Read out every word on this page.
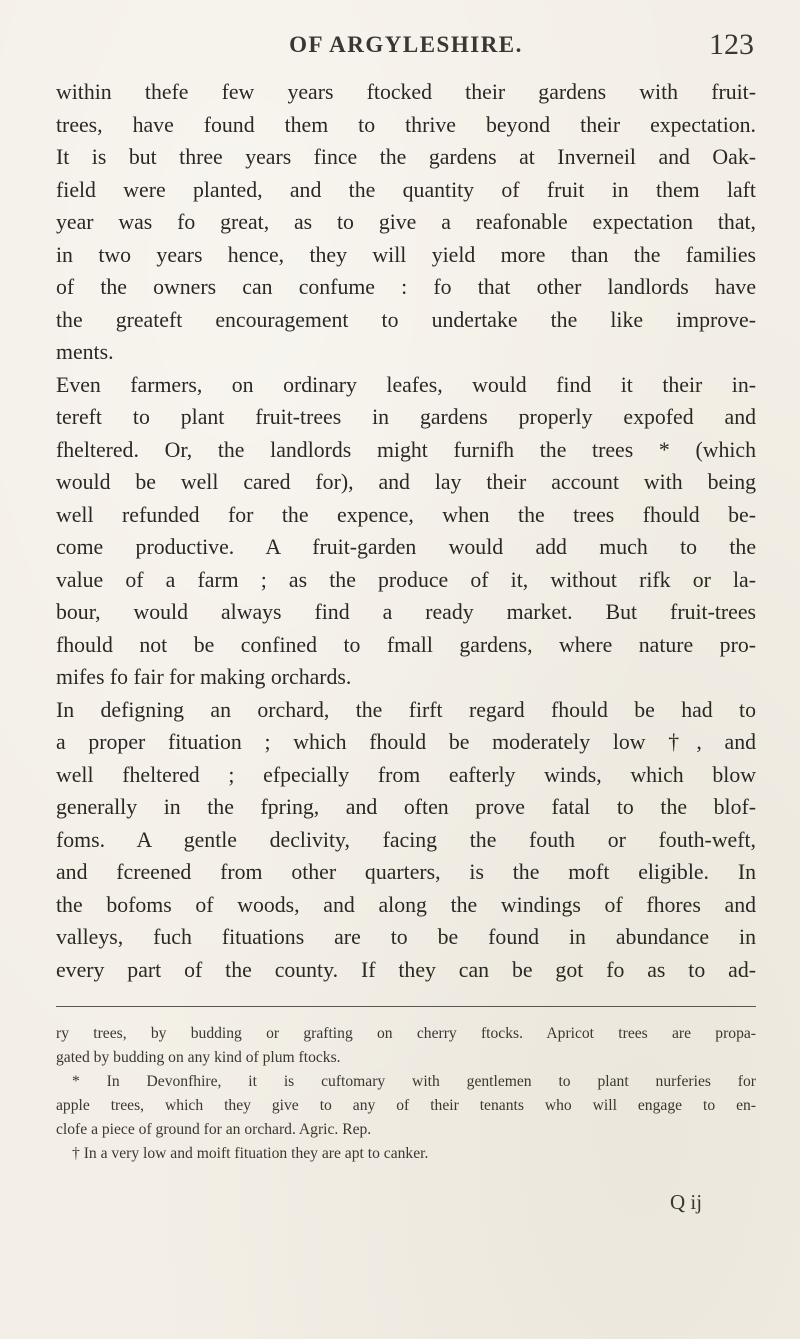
OF ARGYLESHIRE.	123
within thefe few years ftocked their gardens with fruit-
trees, have found them to thrive beyond their expectation.
It is but three years fince the gardens at Inverneil and Oak-
field were planted, and the quantity of fruit in them laft
year was fo great, as to give a reafonable expectation that,
in two years hence, they will yield more than the families
of the owners can confume : fo that other landlords have
the greateft encouragement to undertake the like improve-
ments.
Even farmers, on ordinary leafes, would find it their in-
tereft to plant fruit-trees in gardens properly expofed and
fheltered. Or, the landlords might furnifh the trees * (which
would be well cared for), and lay their account with being
well refunded for the expence, when the trees fhould be-
come productive. A fruit-garden would add much to the
value of a farm ; as the produce of it, without rifk or la-
bour, would always find a ready market. But fruit-trees
fhould not be confined to fmall gardens, where nature pro-
mifes fo fair for making orchards.
In defigning an orchard, the firft regard fhould be had to
a proper fituation ; which fhould be moderately low †, and
well fheltered ; efpecially from eafterly winds, which blow
generally in the fpring, and often prove fatal to the blof-
foms. A gentle declivity, facing the fouth or fouth-weft,
and fcreened from other quarters, is the moft eligible. In
the bofoms of woods, and along the windings of fhores and
valleys, fuch fituations are to be found in abundance in
every part of the county. If they can be got fo as to ad-
ry trees, by budding or grafting on cherry ftocks. Apricot trees are propa-
gated by budding on any kind of plum ftocks.
* In Devonfhire, it is cuftomary with gentlemen to plant nurferies for
apple trees, which they give to any of their tenants who will engage to en-
clofe a piece of ground for an orchard. Agric. Rep.
† In a very low and moift fituation they are apt to canker.
Q ij
